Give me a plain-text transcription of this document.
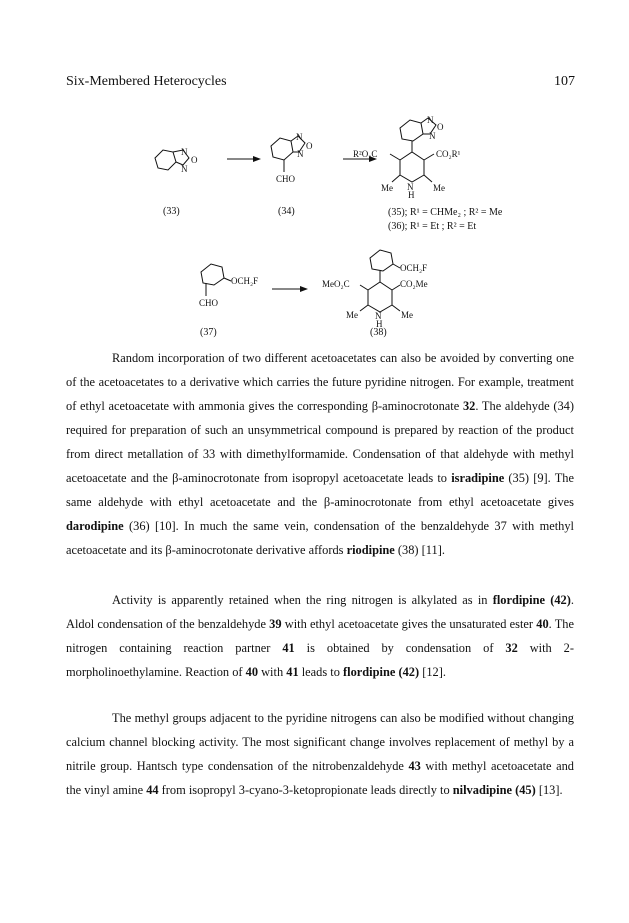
Six-Membered Heterocycles	107
N
O
N
N
O
N
CHO
N
O
N
R²O₂C	CO₂R¹
Me	Me
N
H
OCH₂F
CHO
OCH₂F
MeO₂C	CO₂Me
Me	Me
N
H
(33)	(34)	(35); R¹ = CHMe₂ ; R² = Me
(36); R¹ = Et ; R² = Et
(37)	(38)
Random incorporation of two different acetoacetates can also be avoided by converting one of the acetoacetates to a derivative which carries the future pyridine nitrogen. For example, treatment of ethyl acetoacetate with ammonia gives the corresponding β-aminocrotonate 32. The aldehyde (34) required for preparation of such an unsymmetrical compound is prepared by reaction of the product from direct metallation of 33 with dimethylformamide. Condensation of that aldehyde with methyl acetoacetate and the β-aminocrotonate from isopropyl acetoacetate leads to isradipine (35) [9]. The same aldehyde with ethyl acetoacetate and the β-aminocrotonate from ethyl acetoacetate gives darodipine (36) [10]. In much the same vein, condensation of the benzaldehyde 37 with methyl acetoacetate and its β-aminocrotonate derivative affords riodipine (38) [11].
Activity is apparently retained when the ring nitrogen is alkylated as in flordipine (42). Aldol condensation of the benzaldehyde 39 with ethyl acetoacetate gives the unsaturated ester 40. The nitrogen containing reaction partner 41 is obtained by condensation of 32 with 2- morpholinoethylamine. Reaction of 40 with 41 leads to flordipine (42) [12].
The methyl groups adjacent to the pyridine nitrogens can also be modified without changing calcium channel blocking activity. The most significant change involves replacement of methyl by a nitrile group. Hantsch type condensation of the nitrobenzaldehyde 43 with methyl acetoacetate and the vinyl amine 44 from isopropyl 3-cyano-3-ketopropionate leads directly to nilvadipine (45) [13].
